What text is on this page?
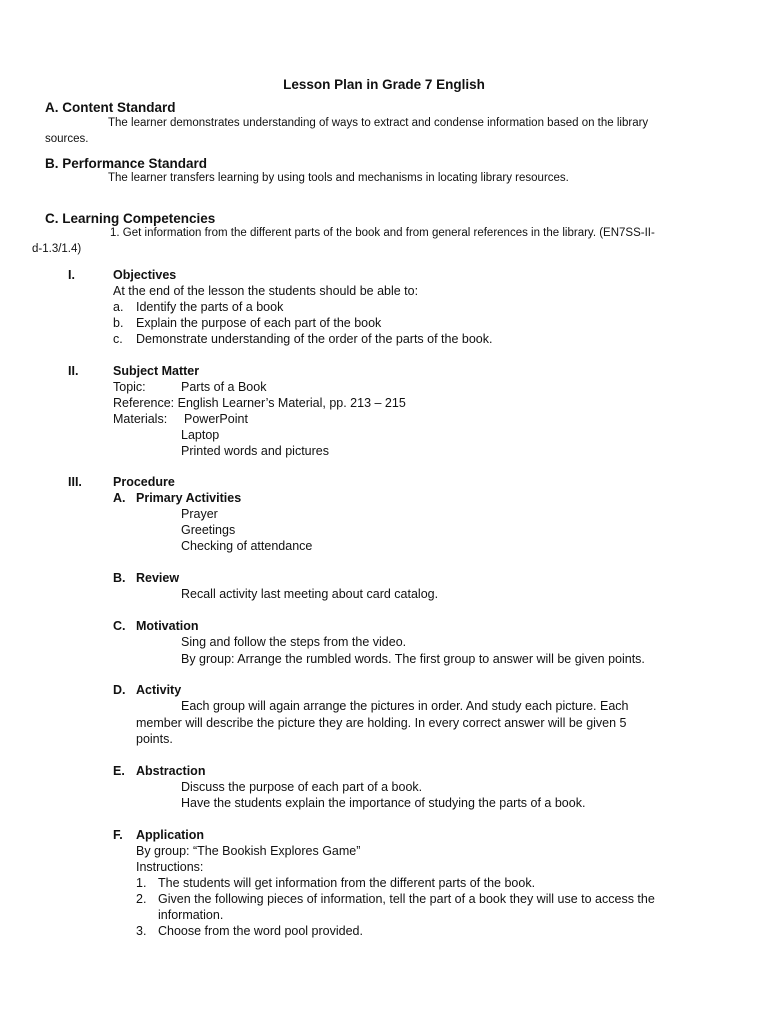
Lesson Plan in Grade 7 English
A. Content Standard
The learner demonstrates understanding of ways to extract and condense information based on the library
sources.
B. Performance Standard
The learner transfers learning by using tools and mechanisms in locating library resources.
C. Learning Competencies
1. Get information from the different parts of the book and from general references in the library. (EN7SS-II-
d-1.3/1.4)
I.	Objectives
At the end of the lesson the students should be able to:
a. Identify the parts of a book
b. Explain the purpose of each part of the book
c. Demonstrate understanding of the order of the parts of the book.
II.	Subject Matter
Topic:	Parts of a Book
Reference: English Learner’s Material, pp. 213 – 215
Materials: PowerPoint
Laptop
Printed words and pictures
III. Procedure
A. Primary Activities
Prayer
Greetings
Checking of attendance
B. Review
Recall activity last meeting about card catalog.
C. Motivation
Sing and follow the steps from the video.
By group: Arrange the rumbled words. The first group to answer will be given points.
D. Activity
Each group will again arrange the pictures in order. And study each picture. Each
member will describe the picture they are holding. In every correct answer will be given 5
points.
E. Abstraction
Discuss the purpose of each part of a book.
Have the students explain the importance of studying the parts of a book.
F. Application
By group: “The Bookish Explores Game”
Instructions:
1. The students will get information from the different parts of the book.
2. Given the following pieces of information, tell the part of a book they will use to access the
information.
3. Choose from the word pool provided.
